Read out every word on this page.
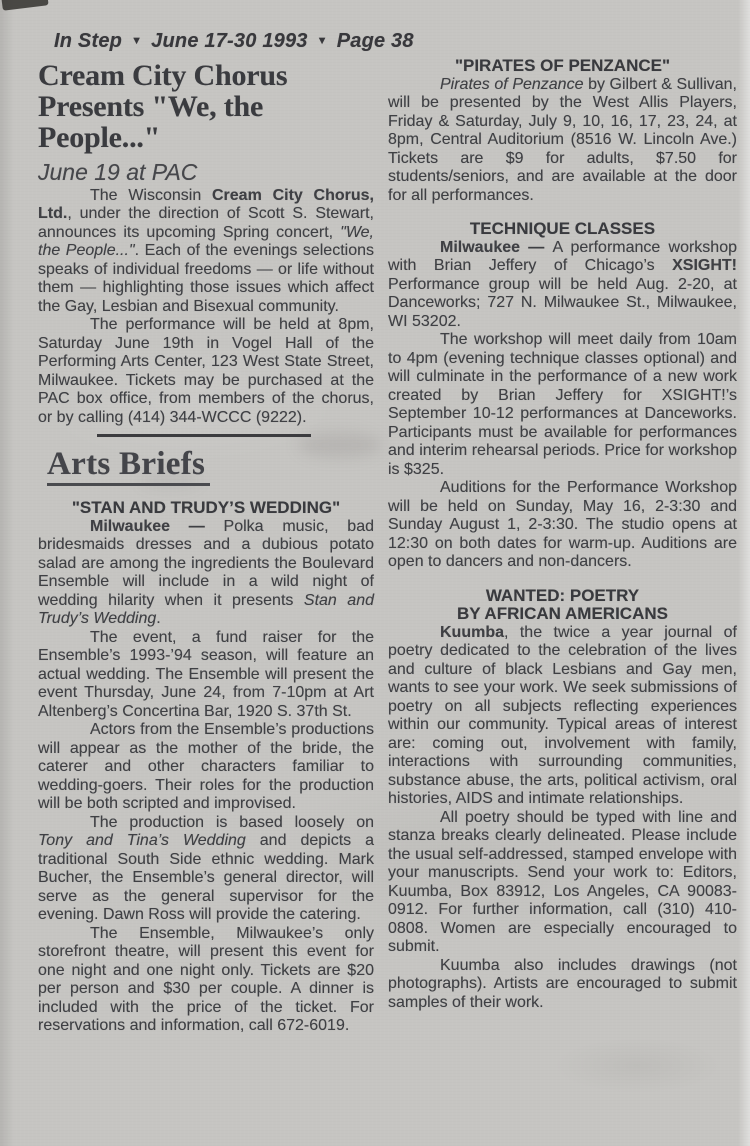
In Step ▼ June 17-30 1993 ▼ Page 38
Cream City Chorus
Presents "We, the
People..."
June 19 at PAC

The Wisconsin Cream City Chorus, Ltd., under the direction of Scott S. Stewart, announces its upcoming Spring concert, "We, the People...". Each of the evenings selections speaks of individual freedoms — or life without them — highlighting those issues which affect the Gay, Lesbian and Bisexual community.

The performance will be held at 8pm, Saturday June 19th in Vogel Hall of the Performing Arts Center, 123 West State Street, Milwaukee. Tickets may be purchased at the PAC box office, from members of the chorus, or by calling (414) 344-WCCC (9222).

Arts Briefs
"STAN AND TRUDY’S WEDDING"

Milwaukee — Polka music, bad bridesmaids dresses and a dubious potato salad are among the ingredients the Boulevard Ensemble will include in a wild night of wedding hilarity when it presents Stan and Trudy’s Wedding.

The event, a fund raiser for the Ensemble’s 1993-’94 season, will feature an actual wedding. The Ensemble will present the event Thursday, June 24, from 7-10pm at Art Altenberg’s Concertina Bar, 1920 S. 37th St.

Actors from the Ensemble’s productions will appear as the mother of the bride, the caterer and other characters familiar to wedding-goers. Their roles for the production will be both scripted and improvised.

The production is based loosely on Tony and Tina’s Wedding and depicts a traditional South Side ethnic wedding. Mark Bucher, the Ensemble’s general director, will serve as the general supervisor for the evening. Dawn Ross will provide the catering.

The Ensemble, Milwaukee’s only storefront theatre, will present this event for one night and one night only. Tickets are $20 per person and $30 per couple. A dinner is included with the price of the ticket. For reservations and information, call 672-6019.

"PIRATES OF PENZANCE"

Pirates of Penzance by Gilbert & Sullivan, will be presented by the West Allis Players, Friday & Saturday, July 9, 10, 16, 17, 23, 24, at 8pm, Central Auditorium (8516 W. Lincoln Ave.) Tickets are $9 for adults, $7.50 for students/seniors, and are available at the door for all performances.

TECHNIQUE CLASSES

Milwaukee — A performance workshop with Brian Jeffery of Chicago’s XSIGHT! Performance group will be held Aug. 2-20, at Danceworks; 727 N. Milwaukee St., Milwaukee, WI 53202.

The workshop will meet daily from 10am to 4pm (evening technique classes optional) and will culminate in the performance of a new work created by Brian Jeffery for XSIGHT!’s September 10-12 performances at Danceworks. Participants must be available for performances and interim rehearsal periods. Price for workshop is $325.

Auditions for the Performance Workshop will be held on Sunday, May 16, 2-3:30 and Sunday August 1, 2-3:30. The studio opens at 12:30 on both dates for warm-up. Auditions are open to dancers and non-dancers.

WANTED: POETRY
BY AFRICAN AMERICANS

Kuumba, the twice a year journal of poetry dedicated to the celebration of the lives and culture of black Lesbians and Gay men, wants to see your work. We seek submissions of poetry on all subjects reflecting experiences within our community. Typical areas of interest are: coming out, involvement with family, interactions with surrounding communities, substance abuse, the arts, political activism, oral histories, AIDS and intimate relationships.

All poetry should be typed with line and stanza breaks clearly delineated. Please include the usual self-addressed, stamped envelope with your manuscripts. Send your work to: Editors, Kuumba, Box 83912, Los Angeles, CA 90083-0912. For further information, call (310) 410-0808. Women are especially encouraged to submit.

Kuumba also includes drawings (not photographs). Artists are encouraged to submit samples of their work.
